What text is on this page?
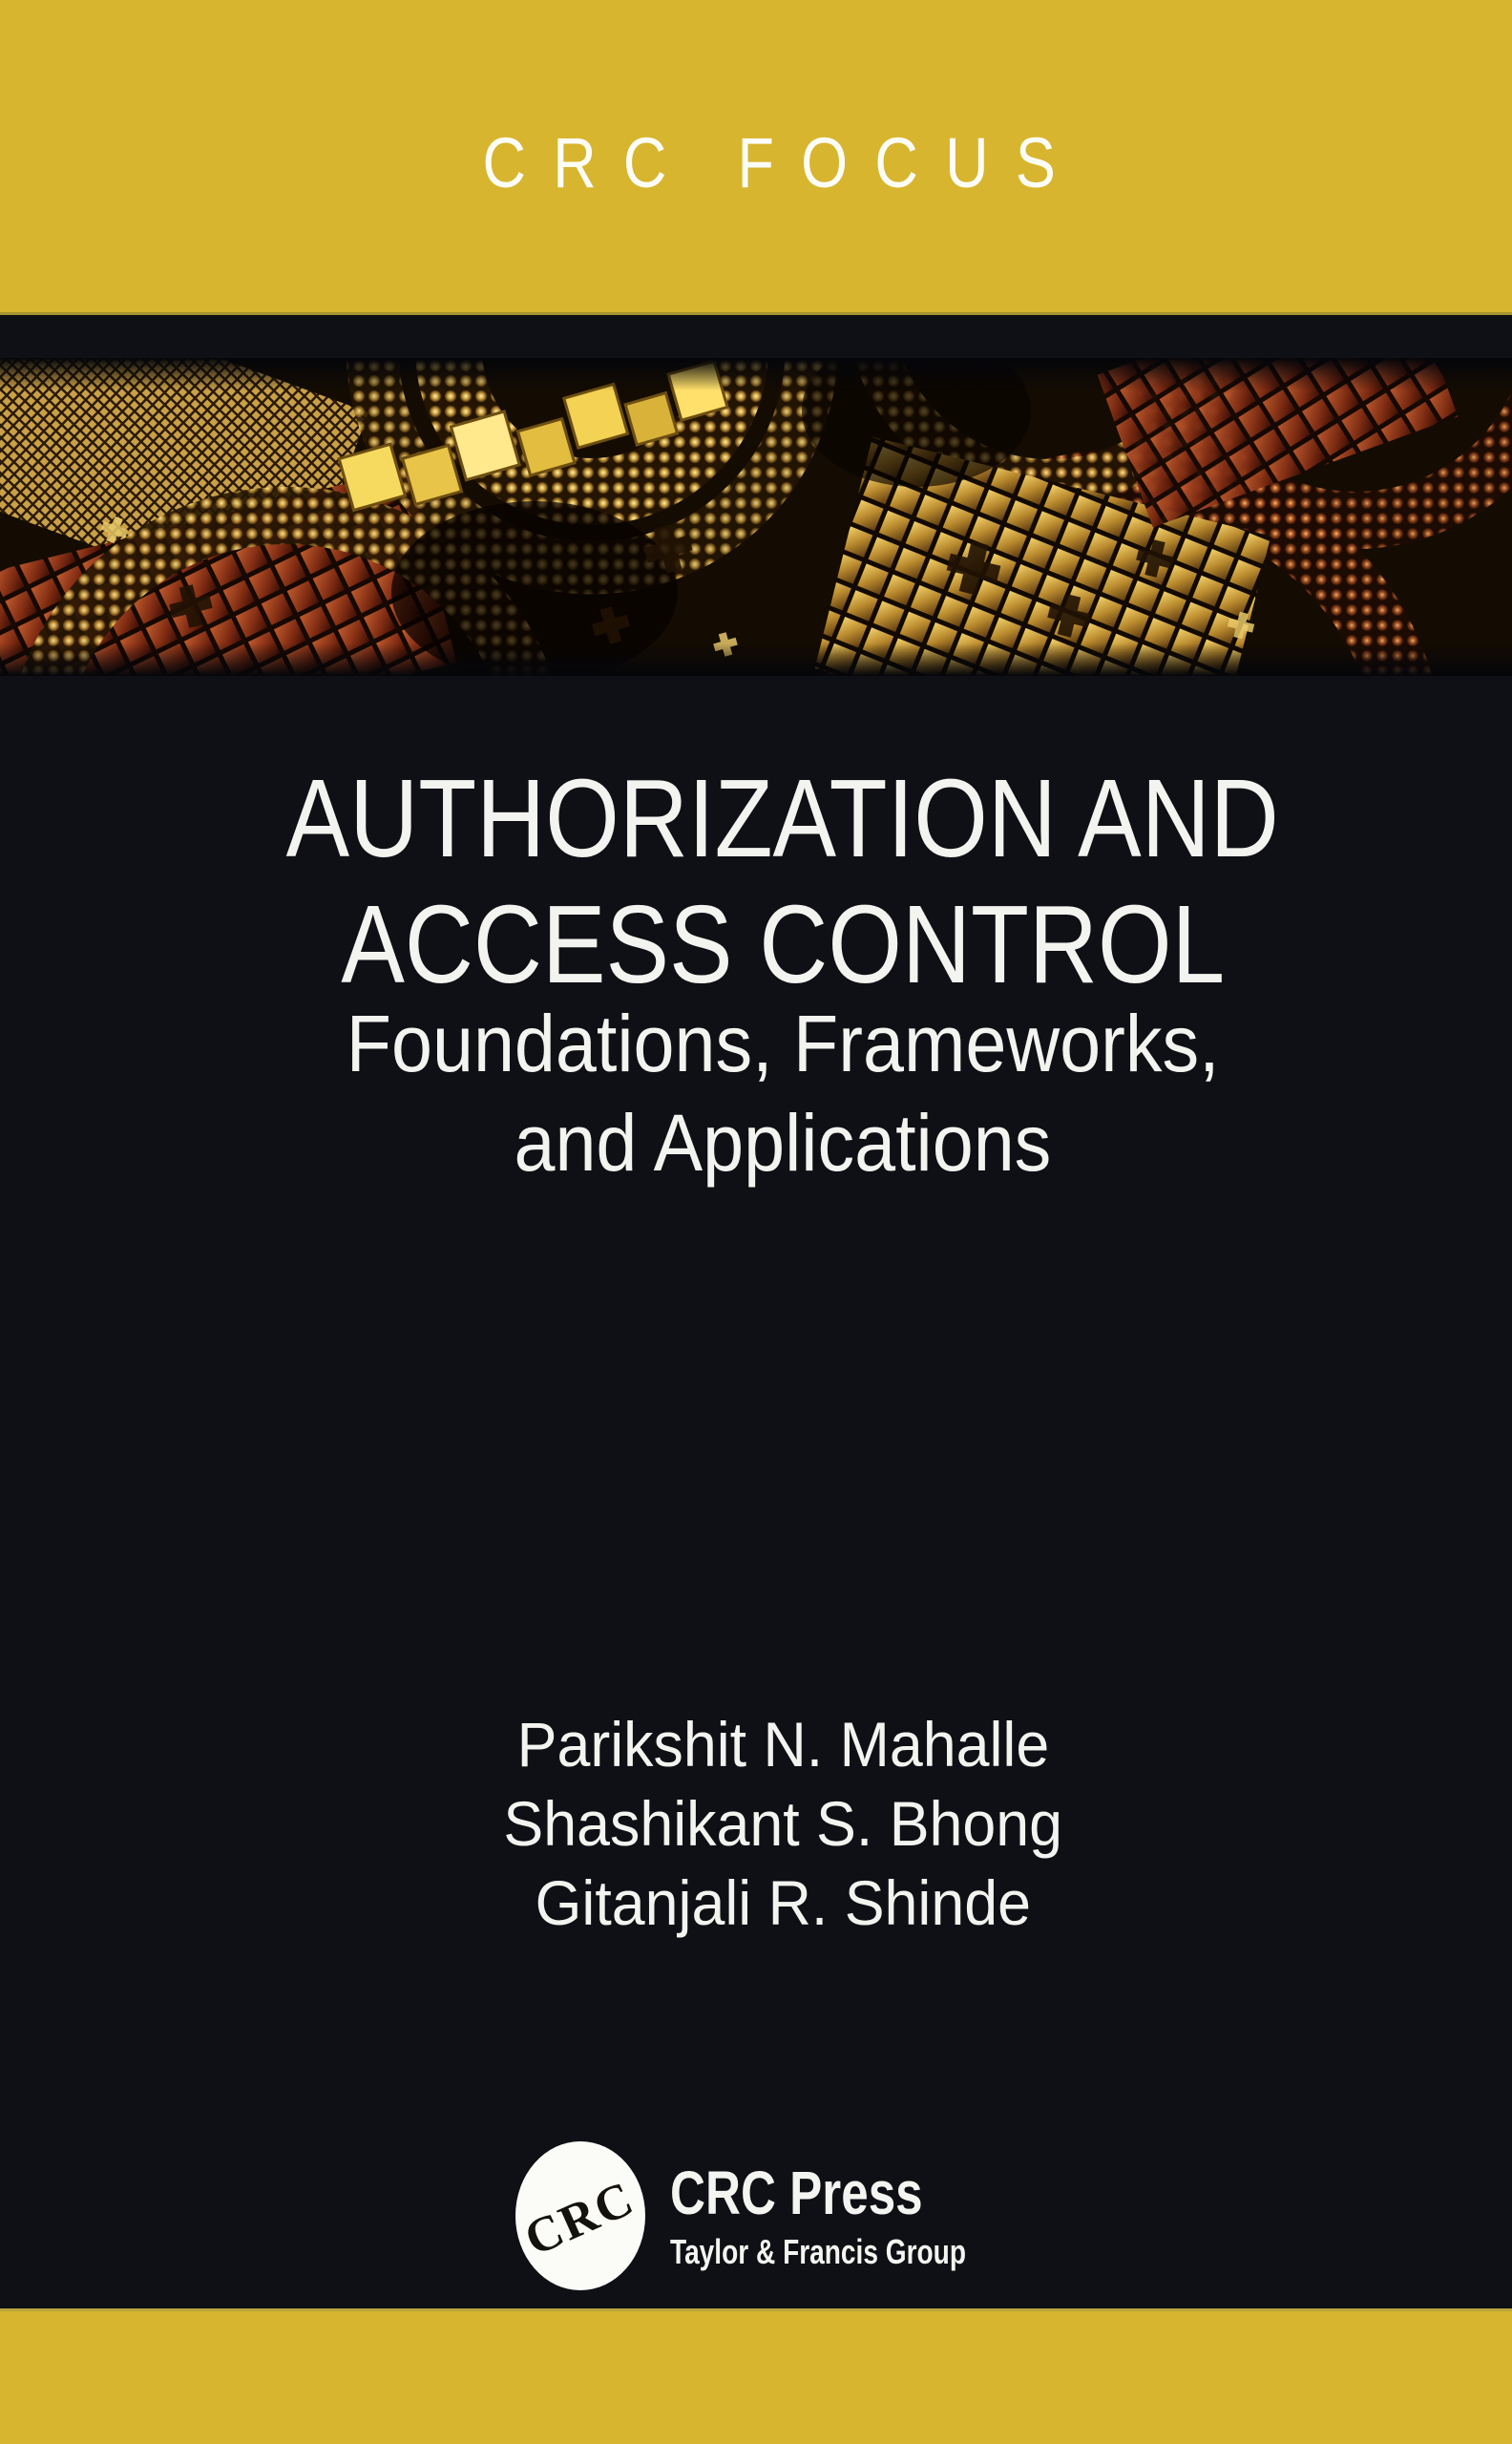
CRC FOCUS
AUTHORIZATION AND
ACCESS CONTROL
Foundations, Frameworks,
and Applications
Parikshit N. Mahalle
Shashikant S. Bhong
Gitanjali R. Shinde
CRC CRC Press
Taylor & Francis Group
